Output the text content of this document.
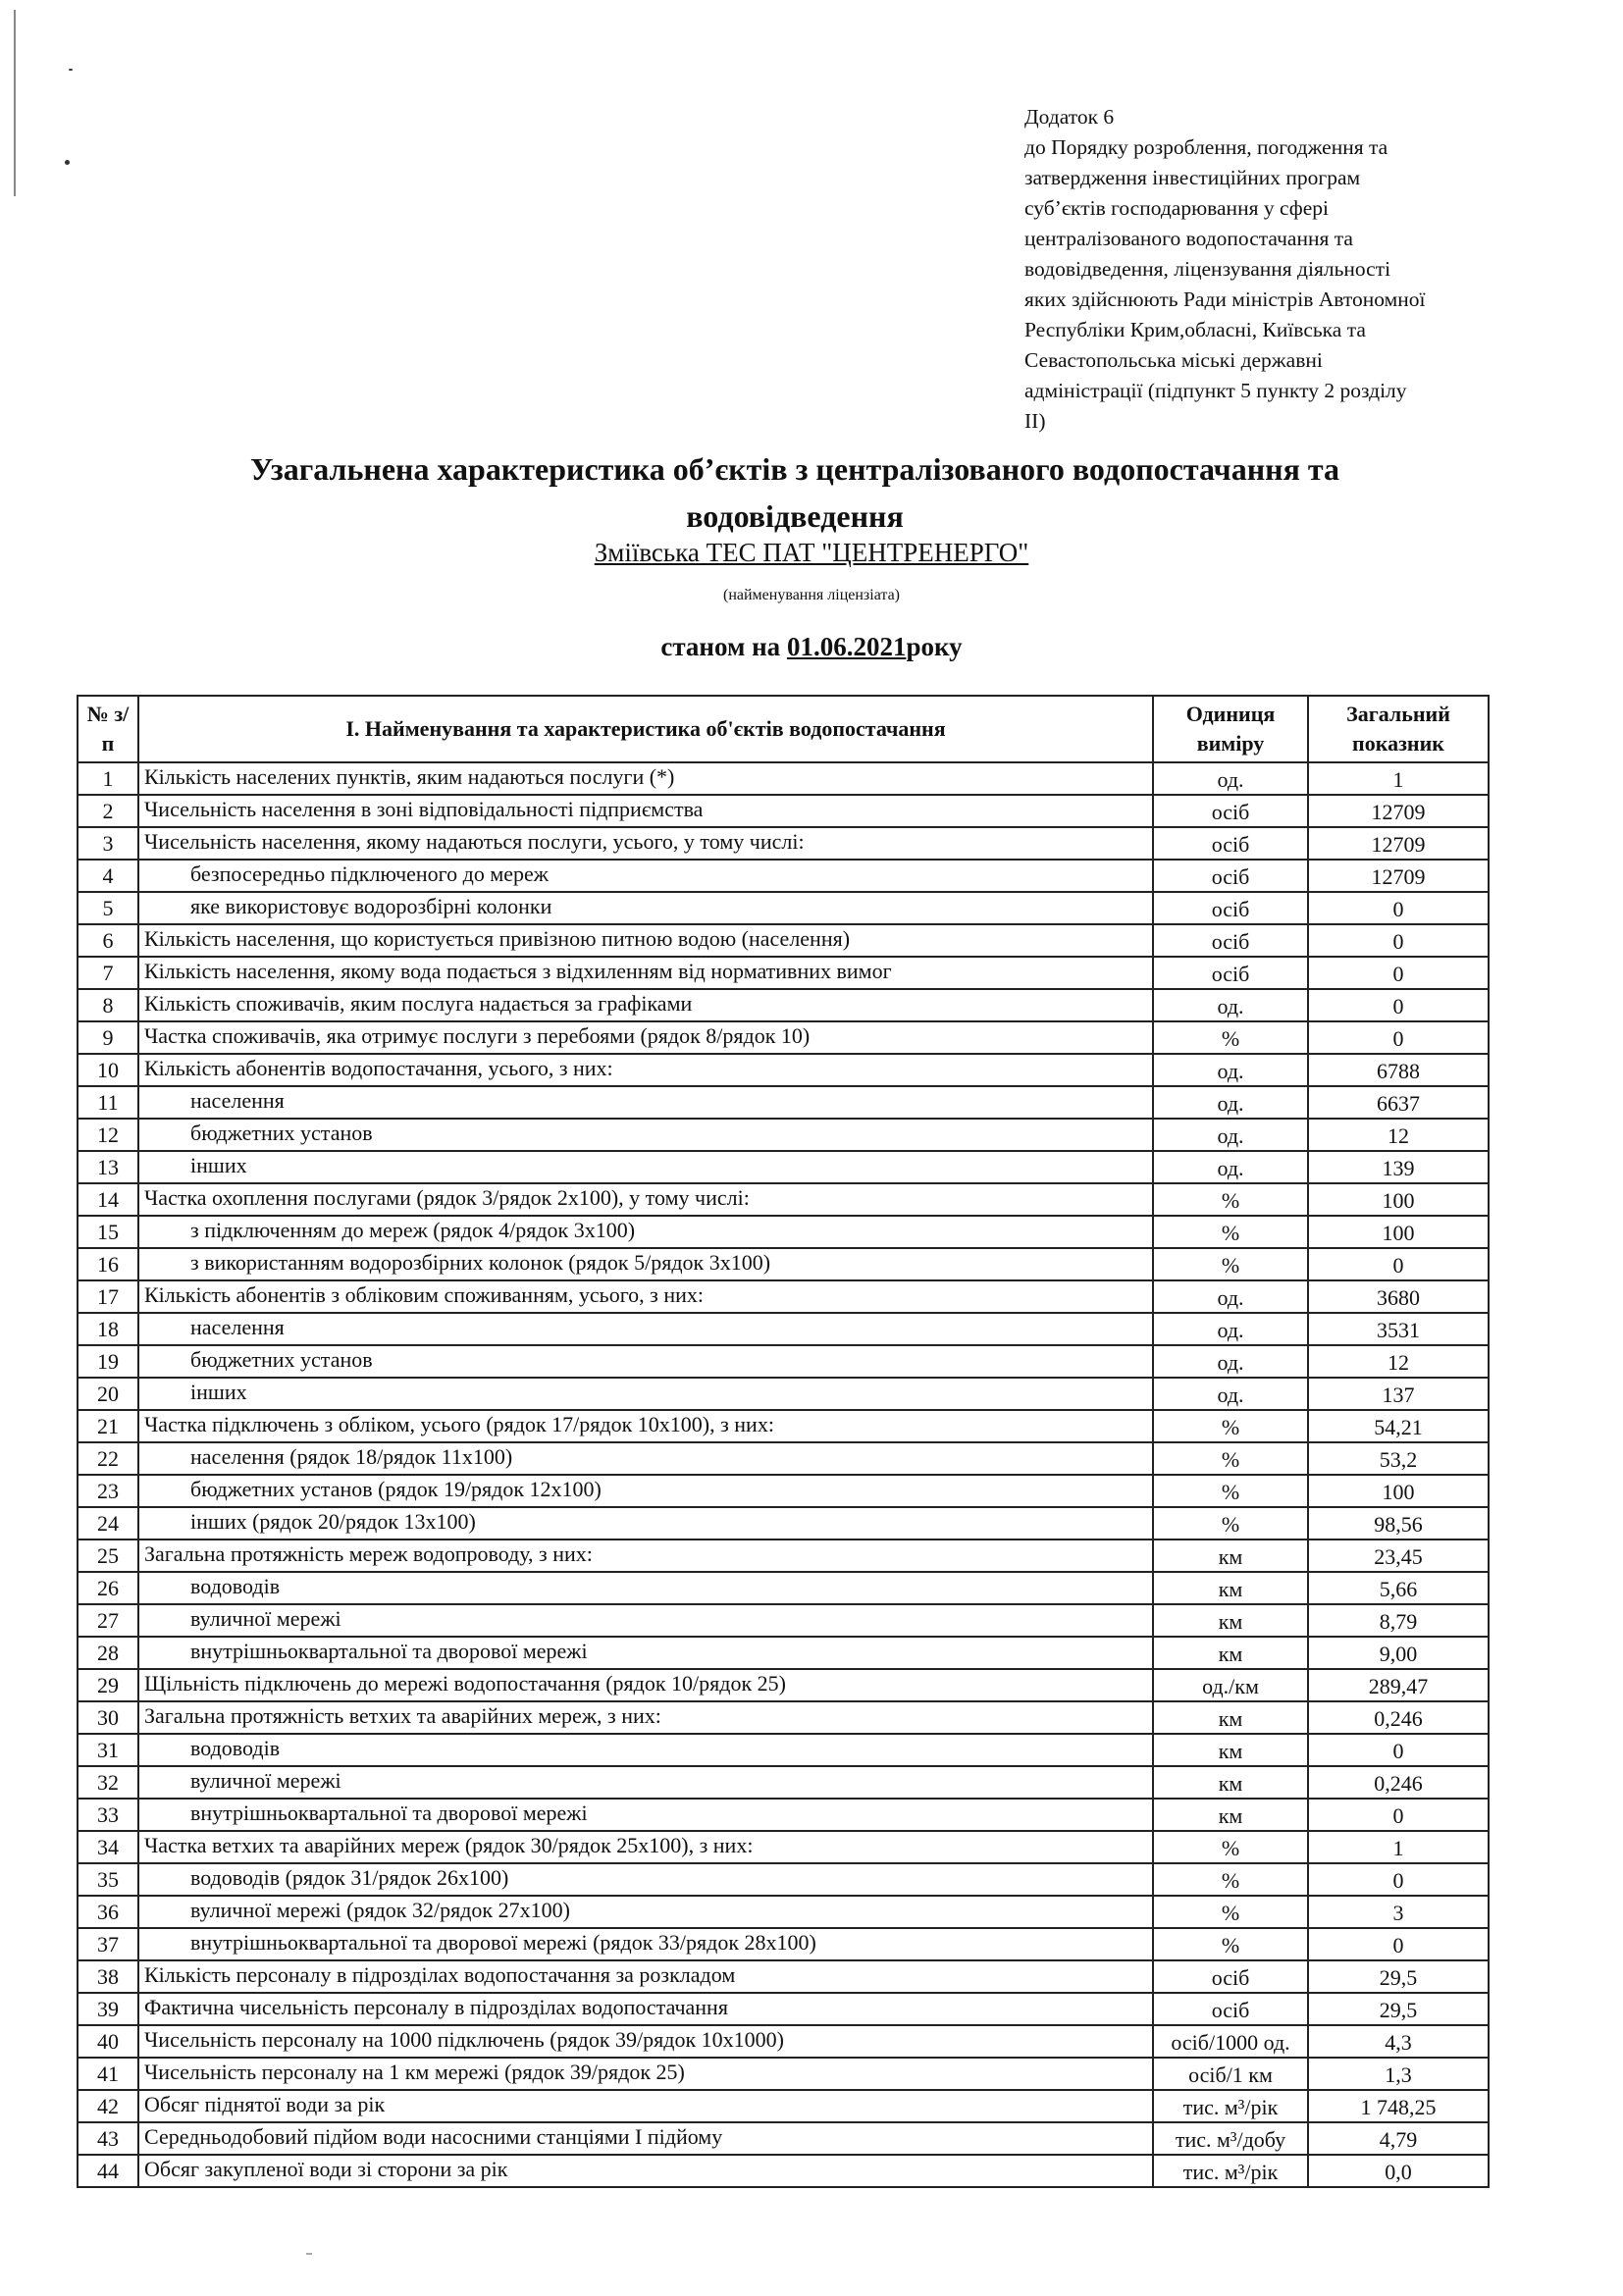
Додаток 6
до Порядку розроблення, погодження та
затвердження інвестиційних програм
суб’єктів господарювання у сфері
централізованого водопостачання та
водовідведення, ліцензування діяльності
яких здійснюють Ради міністрів Автономної
Республіки Крим,обласні, Київська та
Севастопольська міські державні
адміністрації (підпункт 5 пункту 2 розділу
II)
Узагальнена характеристика об’єктів з централізованого водопостачання та водовідведення
Зміївська ТЕС ПАТ "ЦЕНТРЕНЕРГО"
(найменування ліцензіата)
станом на 01.06.2021року
№ з/п	І. Найменування та характеристика об'єктів водопостачання	Одиниця виміру	Загальний показник
1	Кількість населених пунктів, яким надаються послуги (*)	од.	1
2	Чисельність населення в зоні відповідальності підприємства	осіб	12709
3	Чисельність населення, якому надаються послуги, усього, у тому числі:	осіб	12709
4	безпосередньо підключеного до мереж	осіб	12709
5	яке використовує водорозбірні колонки	осіб	0
6	Кількість населення, що користується привізною питною водою (населення)	осіб	0
7	Кількість населення, якому вода подається з відхиленням від нормативних вимог	осіб	0
8	Кількість споживачів, яким послуга надається за графіками	од.	0
9	Частка споживачів, яка отримує послуги з перебоями (рядок 8/рядок 10)	%	0
10	Кількість абонентів водопостачання, усього, з них:	од.	6788
11	населення	од.	6637
12	бюджетних установ	од.	12
13	інших	од.	139
14	Частка охоплення послугами (рядок 3/рядок 2х100), у тому числі:	%	100
15	з підключенням до мереж (рядок 4/рядок 3х100)	%	100
16	з використанням водорозбірних колонок (рядок 5/рядок 3х100)	%	0
17	Кількість абонентів з обліковим споживанням, усього, з них:	од.	3680
18	населення	од.	3531
19	бюджетних установ	од.	12
20	інших	од.	137
21	Частка підключень з обліком, усього (рядок 17/рядок 10х100), з них:	%	54,21
22	населення (рядок 18/рядок 11х100)	%	53,2
23	бюджетних установ (рядок 19/рядок 12х100)	%	100
24	інших (рядок 20/рядок 13х100)	%	98,56
25	Загальна протяжність мереж водопроводу, з них:	км	23,45
26	водоводів	км	5,66
27	вуличної мережі	км	8,79
28	внутрішньоквартальної та дворової мережі	км	9,00
29	Щільність підключень до мережі водопостачання (рядок 10/рядок 25)	од./км	289,47
30	Загальна протяжність ветхих та аварійних мереж, з них:	км	0,246
31	водоводів	км	0
32	вуличної мережі	км	0,246
33	внутрішньоквартальної та дворової мережі	км	0
34	Частка ветхих та аварійних мереж (рядок 30/рядок 25х100), з них:	%	1
35	водоводів (рядок 31/рядок 26х100)	%	0
36	вуличної мережі (рядок 32/рядок 27х100)	%	3
37	внутрішньоквартальної та дворової мережі (рядок 33/рядок 28х100)	%	0
38	Кількість персоналу в підрозділах водопостачання за розкладом	осіб	29,5
39	Фактична чисельність персоналу в підрозділах водопостачання	осіб	29,5
40	Чисельність персоналу на 1000 підключень (рядок 39/рядок 10х1000)	осіб/1000 од.	4,3
41	Чисельність персоналу на 1 км мережі (рядок 39/рядок 25)	осіб/1 км	1,3
42	Обсяг піднятої води за рік	тис. м³/рік	1 748,25
43	Середньодобовий підйом води насосними станціями I підйому	тис. м³/добу	4,79
44	Обсяг закупленої води зі сторони за рік	тис. м³/рік	0,0
